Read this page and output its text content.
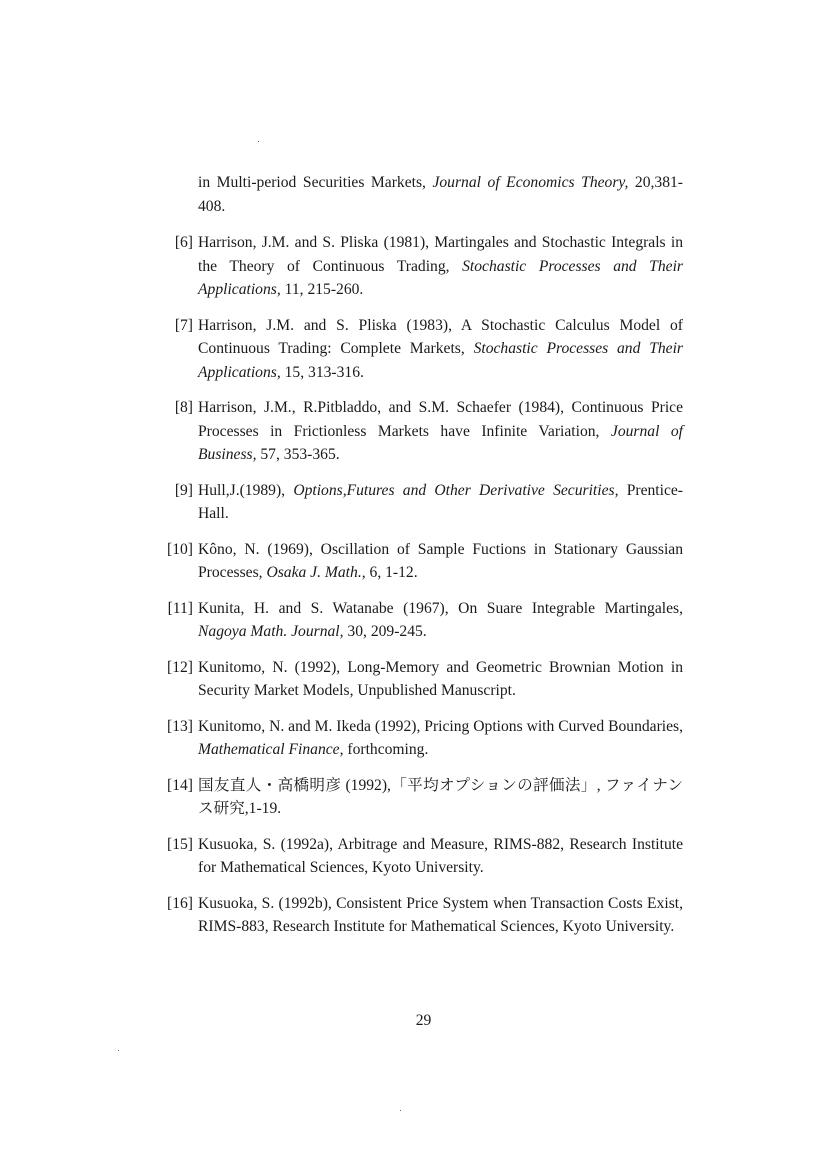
in Multi-period Securities Markets, Journal of Economics Theory, 20,381-408.
[6] Harrison, J.M. and S. Pliska (1981), Martingales and Stochastic Integrals in the Theory of Continuous Trading, Stochastic Processes and Their Applications, 11, 215-260.
[7] Harrison, J.M. and S. Pliska (1983), A Stochastic Calculus Model of Continuous Trading: Complete Markets, Stochastic Processes and Their Applications, 15, 313-316.
[8] Harrison, J.M., R.Pitbladdo, and S.M. Schaefer (1984), Continuous Price Processes in Frictionless Markets have Infinite Variation, Journal of Business, 57, 353-365.
[9] Hull,J.(1989), Options,Futures and Other Derivative Securities, Prentice-Hall.
[10] Kôno, N. (1969), Oscillation of Sample Fuctions in Stationary Gaussian Processes, Osaka J. Math., 6, 1-12.
[11] Kunita, H. and S. Watanabe (1967), On Suare Integrable Martingales, Nagoya Math. Journal, 30, 209-245.
[12] Kunitomo, N. (1992), Long-Memory and Geometric Brownian Motion in Security Market Models, Unpublished Manuscript.
[13] Kunitomo, N. and M. Ikeda (1992), Pricing Options with Curved Boundaries, Mathematical Finance, forthcoming.
[14] 国友直人・高橋明彦 (1992),「平均オプションの評価法」, ファイナンス研究,1-19.
[15] Kusuoka, S. (1992a), Arbitrage and Measure, RIMS-882, Research Institute for Mathematical Sciences, Kyoto University.
[16] Kusuoka, S. (1992b), Consistent Price System when Transaction Costs Exist, RIMS-883, Research Institute for Mathematical Sciences, Kyoto University.
29
